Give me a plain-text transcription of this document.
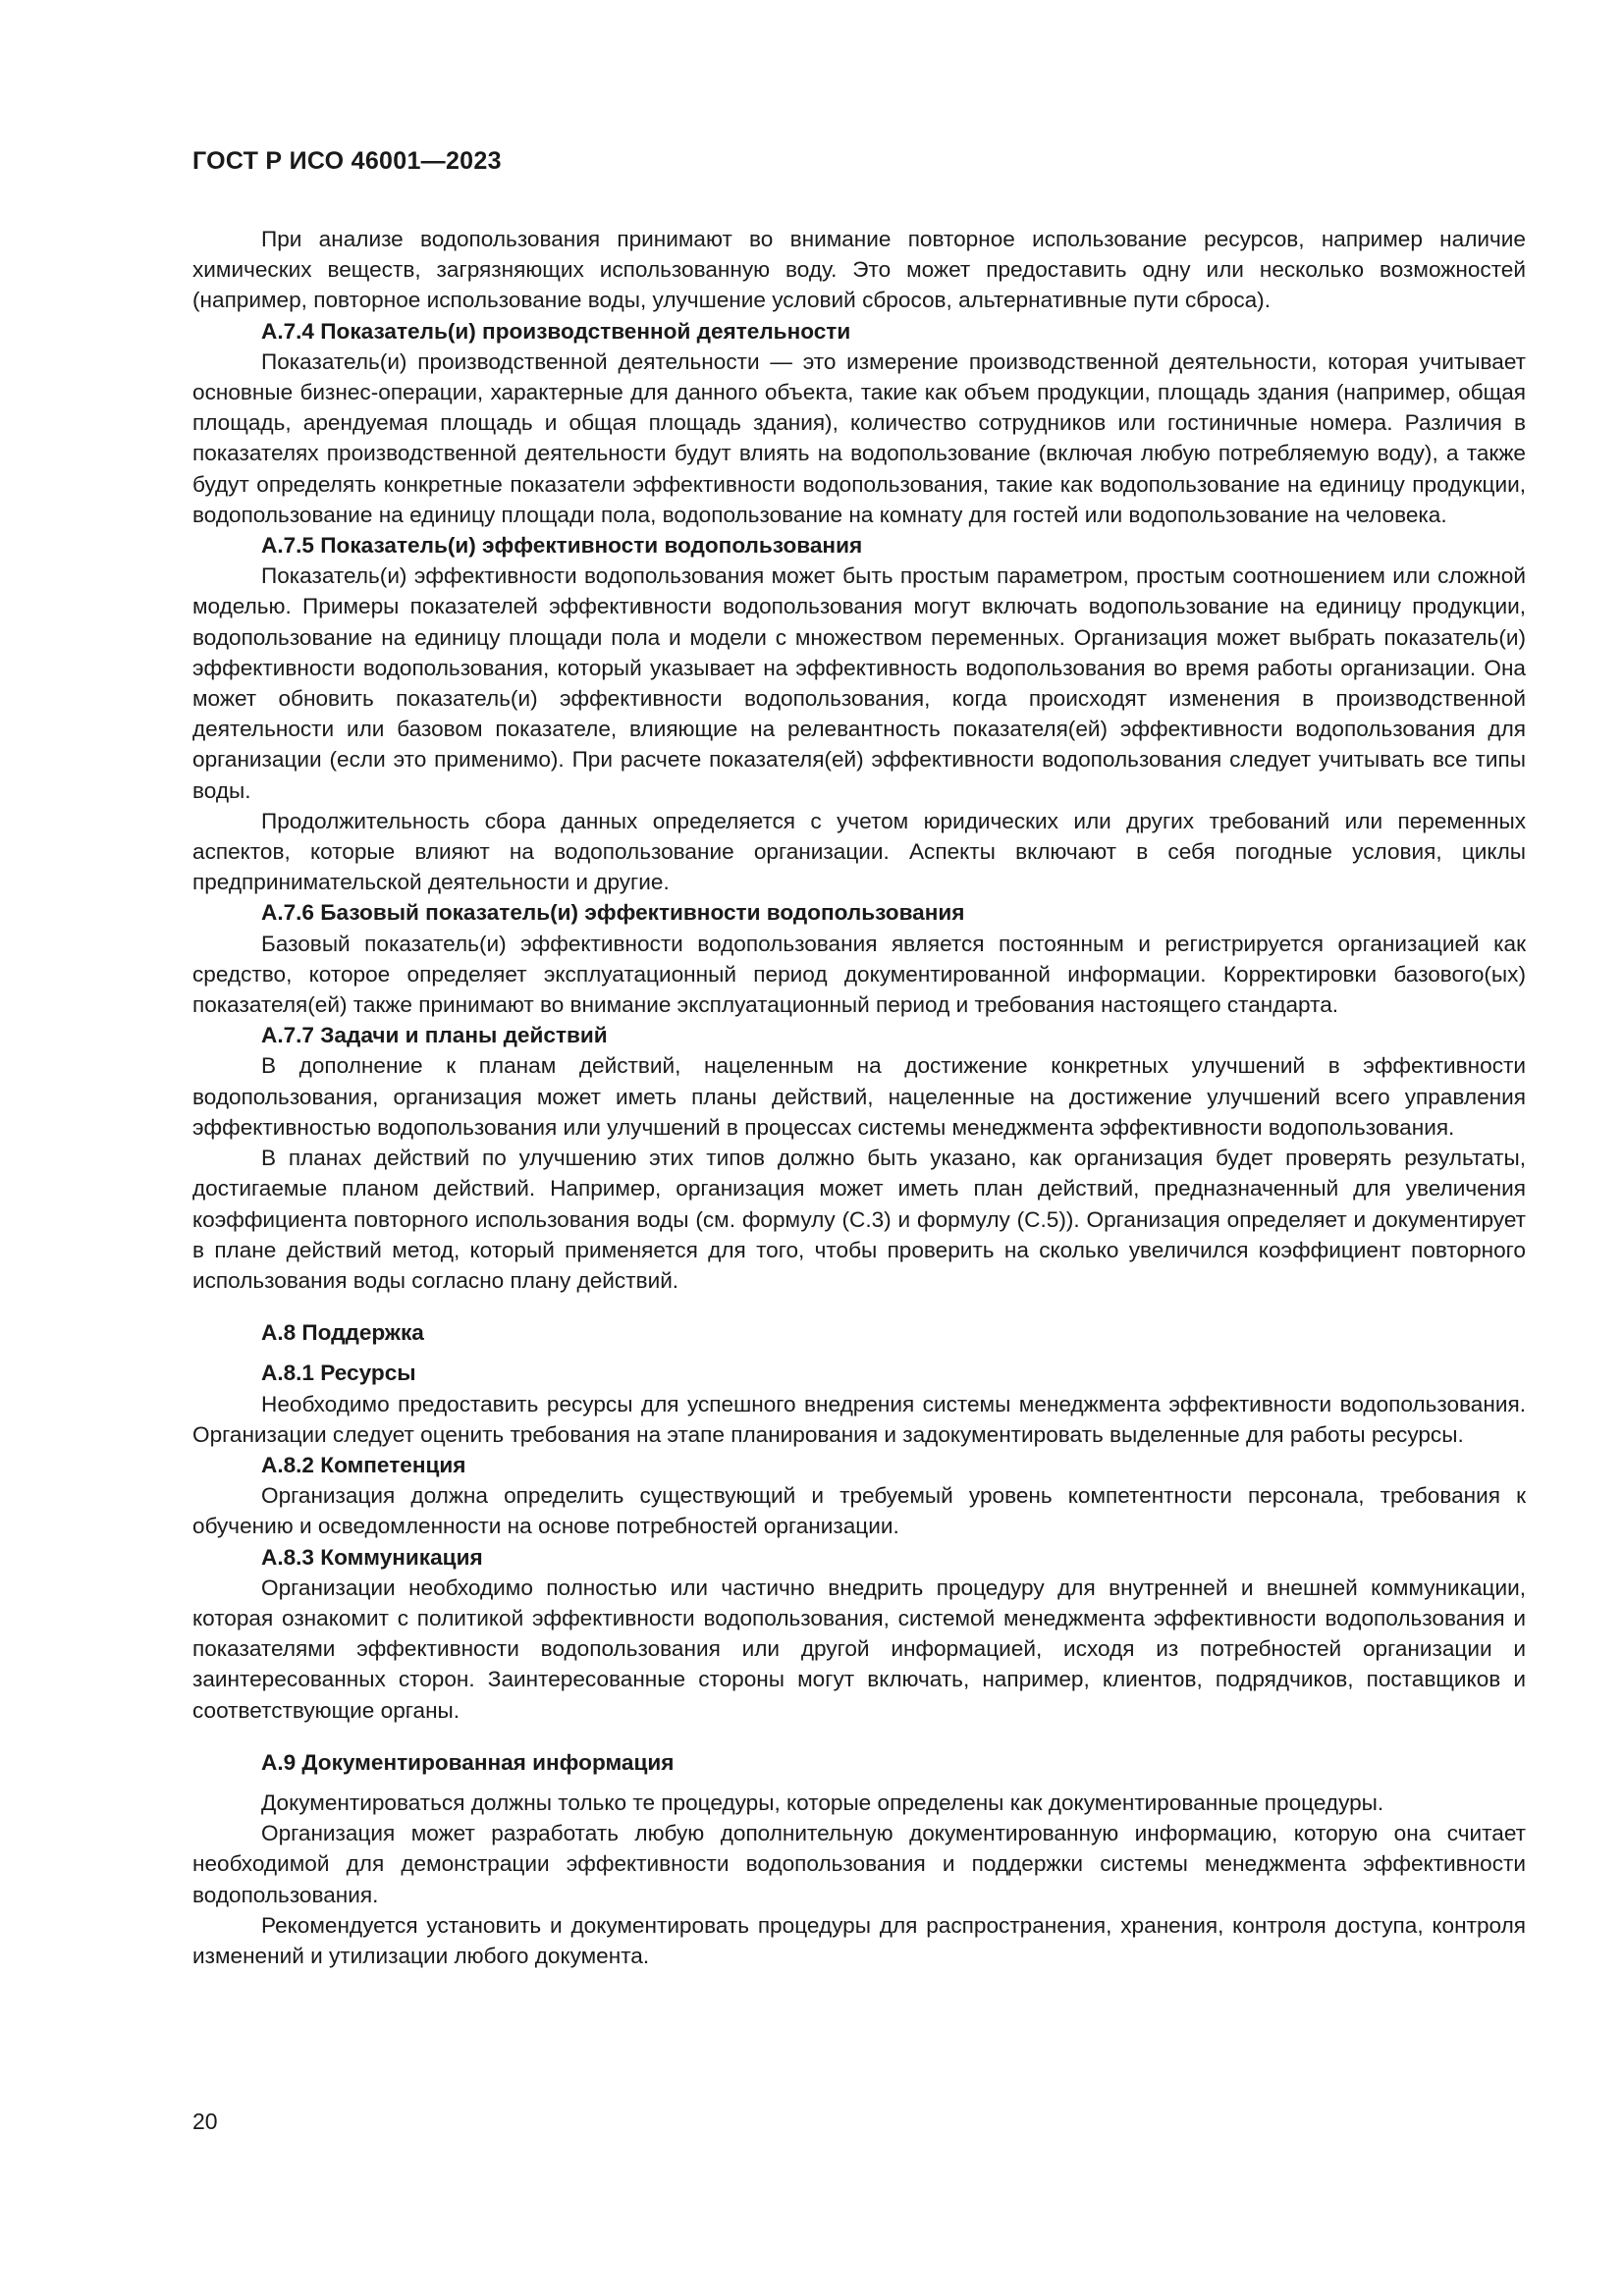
ГОСТ Р ИСО 46001—2023

При анализе водопользования принимают во внимание повторное использование ресурсов, например наличие химических веществ, загрязняющих использованную воду. Это может предоставить одну или несколько возможностей (например, повторное использование воды, улучшение условий сбросов, альтернативные пути сброса).

А.7.4 Показатель(и) производственной деятельности

Показатель(и) производственной деятельности — это измерение производственной деятельности, которая учитывает основные бизнес-операции, характерные для данного объекта, такие как объем продукции, площадь здания (например, общая площадь, арендуемая площадь и общая площадь здания), количество сотрудников или гостиничные номера. Различия в показателях производственной деятельности будут влиять на водопользование (включая любую потребляемую воду), а также будут определять конкретные показатели эффективности водопользования, такие как водопользование на единицу продукции, водопользование на единицу площади пола, водопользование на комнату для гостей или водопользование на человека.

А.7.5 Показатель(и) эффективности водопользования

Показатель(и) эффективности водопользования может быть простым параметром, простым соотношением или сложной моделью. Примеры показателей эффективности водопользования могут включать водопользование на единицу продукции, водопользование на единицу площади пола и модели с множеством переменных. Организация может выбрать показатель(и) эффективности водопользования, который указывает на эффективность водопользования во время работы организации. Она может обновить показатель(и) эффективности водопользования, когда происходят изменения в производственной деятельности или базовом показателе, влияющие на релевантность показателя(ей) эффективности водопользования для организации (если это применимо). При расчете показателя(ей) эффективности водопользования следует учитывать все типы воды.

Продолжительность сбора данных определяется с учетом юридических или других требований или переменных аспектов, которые влияют на водопользование организации. Аспекты включают в себя погодные условия, циклы предпринимательской деятельности и другие.

А.7.6 Базовый показатель(и) эффективности водопользования

Базовый показатель(и) эффективности водопользования является постоянным и регистрируется организацией как средство, которое определяет эксплуатационный период документированной информации. Корректировки базового(ых) показателя(ей) также принимают во внимание эксплуатационный период и требования настоящего стандарта.

А.7.7 Задачи и планы действий

В дополнение к планам действий, нацеленным на достижение конкретных улучшений в эффективности водопользования, организация может иметь планы действий, нацеленные на достижение улучшений всего управления эффективностью водопользования или улучшений в процессах системы менеджмента эффективности водопользования.

В планах действий по улучшению этих типов должно быть указано, как организация будет проверять результаты, достигаемые планом действий. Например, организация может иметь план действий, предназначенный для увеличения коэффициента повторного использования воды (см. формулу (С.3) и формулу (С.5)). Организация определяет и документирует в плане действий метод, который применяется для того, чтобы проверить на сколько увеличился коэффициент повторного использования воды согласно плану действий.

А.8 Поддержка
А.8.1 Ресурсы

Необходимо предоставить ресурсы для успешного внедрения системы менеджмента эффективности водопользования. Организации следует оценить требования на этапе планирования и задокументировать выделенные для работы ресурсы.

А.8.2 Компетенция

Организация должна определить существующий и требуемый уровень компетентности персонала, требования к обучению и осведомленности на основе потребностей организации.

А.8.3 Коммуникация

Организации необходимо полностью или частично внедрить процедуру для внутренней и внешней коммуникации, которая ознакомит с политикой эффективности водопользования, системой менеджмента эффективности водопользования и показателями эффективности водопользования или другой информацией, исходя из потребностей организации и заинтересованных сторон. Заинтересованные стороны могут включать, например, клиентов, подрядчиков, поставщиков и соответствующие органы.

А.9 Документированная информация

Документироваться должны только те процедуры, которые определены как документированные процедуры.

Организация может разработать любую дополнительную документированную информацию, которую она считает необходимой для демонстрации эффективности водопользования и поддержки системы менеджмента эффективности водопользования.

Рекомендуется установить и документировать процедуры для распространения, хранения, контроля доступа, контроля изменений и утилизации любого документа.

20
